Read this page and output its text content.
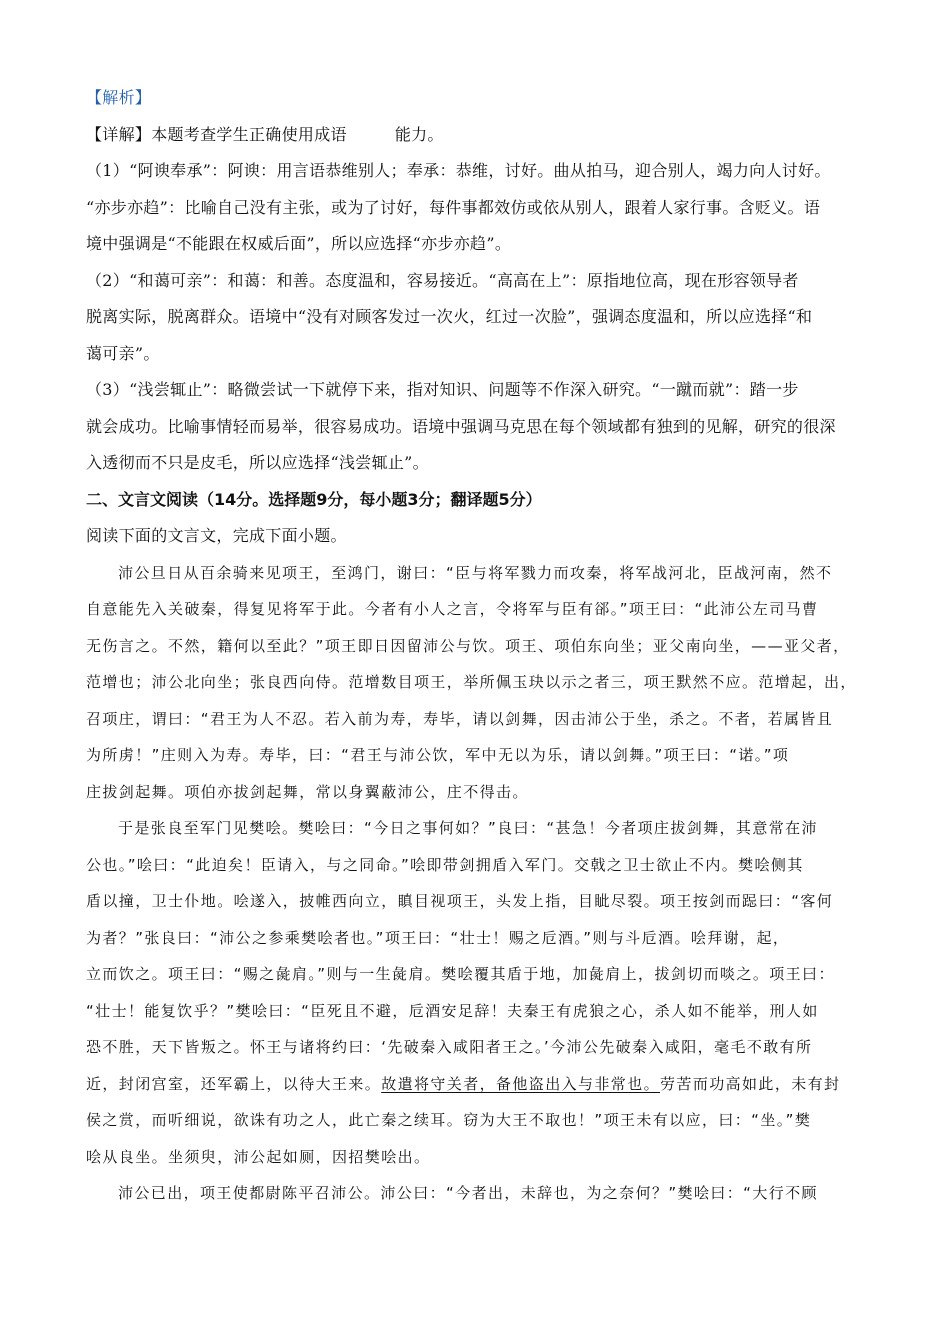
【解析】

【详解】本题考查学生正确使用成语	能力。

（1）“阿谀奉承”：阿谀：用言语恭维别人；奉承：恭维，讨好。曲从拍马，迎合别人，竭力向人讨好。

“亦步亦趋”：比喻自己没有主张，或为了讨好，每件事都效仿或依从别人，跟着人家行事。含贬义。语

境中强调是“不能跟在权威后面”，所以应选择“亦步亦趋”。

（2）“和蔼可亲”：和蔼：和善。态度温和，容易接近。“高高在上”：原指地位高，现在形容领导者

脱离实际，脱离群众。语境中“没有对顾客发过一次火，红过一次脸”，强调态度温和，所以应选择“和

蔼可亲”。

（3）“浅尝辄止”：略微尝试一下就停下来，指对知识、问题等不作深入研究。“一蹴而就”：踏一步

就会成功。比喻事情轻而易举，很容易成功。语境中强调马克思在每个领域都有独到的见解，研究的很深

入透彻而不只是皮毛，所以应选择“浅尝辄止”。

二、文言文阅读（14分。选择题9分，每小题3分；翻译题5分）

阅读下面的文言文，完成下面小题。

沛公旦日从百余骑来见项王，至鸿门，谢曰：“臣与将军戮力而攻秦，将军战河北，臣战河南，然不

自意能先入关破秦，得复见将军于此。今者有小人之言，令将军与臣有郤。”项王曰：“此沛公左司马曹

无伤言之。不然，籍何以至此？”项王即日因留沛公与饮。项王、项伯东向坐；亚父南向坐，——亚父者，

范增也；沛公北向坐；张良西向侍。范增数目项王，举所佩玉玦以示之者三，项王默然不应。范增起，出，

召项庄，谓曰：“君王为人不忍。若入前为寿，寿毕，请以剑舞，因击沛公于坐，杀之。不者，若属皆且

为所虏！”庄则入为寿。寿毕，曰：“君王与沛公饮，军中无以为乐，请以剑舞。”项王曰：“诺。”项

庄拔剑起舞。项伯亦拔剑起舞，常以身翼蔽沛公，庄不得击。

于是张良至军门见樊哙。樊哙曰：“今日之事何如？”良曰：“甚急！今者项庄拔剑舞，其意常在沛

公也。”哙曰：“此迫矣！臣请入，与之同命。”哙即带剑拥盾入军门。交戟之卫士欲止不内。樊哙侧其

盾以撞，卫士仆地。哙遂入，披帷西向立，瞋目视项王，头发上指，目眦尽裂。项王按剑而跽曰：“客何

为者？”张良曰：“沛公之参乘樊哙者也。”项王曰：“壮士！赐之卮酒。”则与斗卮酒。哙拜谢，起，

立而饮之。项王曰：“赐之彘肩。”则与一生彘肩。樊哙覆其盾于地，加彘肩上，拔剑切而啖之。项王曰：

“壮士！能复饮乎？”樊哙曰：“臣死且不避，卮酒安足辞！夫秦王有虎狼之心，杀人如不能举，刑人如

恐不胜，天下皆叛之。怀王与诸将约曰：‘先破秦入咸阳者王之。’今沛公先破秦入咸阳，毫毛不敢有所

近，封闭宫室，还军霸上，以待大王来。故遣将守关者，备他盗出入与非常也。劳苦而功高如此，未有封

侯之赏，而听细说，欲诛有功之人，此亡秦之续耳。窃为大王不取也！”项王未有以应，曰：“坐。”樊

哙从良坐。坐须臾，沛公起如厕，因招樊哙出。

沛公已出，项王使都尉陈平召沛公。沛公曰：“今者出，未辞也，为之奈何？”樊哙曰：“大行不顾
